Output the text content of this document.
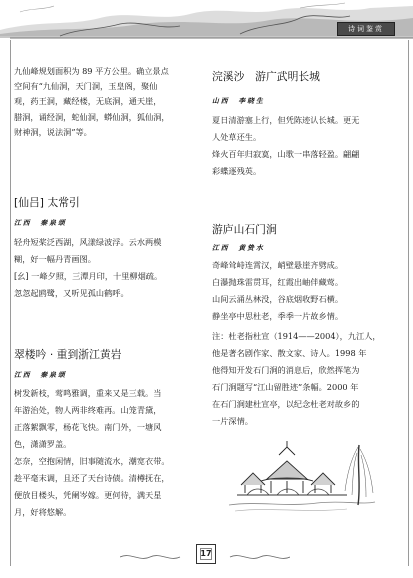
诗词鉴赏

九仙峰规划面积为 89 平方公里。确立景点

空间有“九仙洞，天门洞，玉皇阁，聚仙

观，药王洞，藏经楼，无底洞，通天崖，

腊洞，诵经洞，蛇仙洞，蟒仙洞，狐仙洞，

财神洞，说法洞”等。

[仙吕] 太常引

江西　秦泉颂

轻舟短桨泛西湖，风漾绿波浮。云水两模

糊，好一幅丹青画图。

[幺] 一峰夕照，三潭月印，十里柳烟疏。

忽忽起鸥鹭，又听见孤山鹤呼。

翠楼吟 · 重到浙江黄岩

江西　秦泉颂

树发新枝，莺鸣雅调，重来又是三载。当

年游治处，物人两非终难再。山笼青黛，

正落絮飘零，杨花飞快。南门外，一塘风

色，潇潇罗盖。

怎奈，空抱闲情，旧事随流水，潮宽衣带。

趁平毫末调，且还了天台诗债。清樽抚在，

便放目楼头，凭阑岑嫁。更何待，满天星

月，好将悠解。

浣溪沙　游广武明长城

山西　李晓生

夏日清游塞上行，但凭陈迹认长城。更无

人处草还生。

烽火百年归寂寞，山歌一串落轻盈。翩翩

彩蝶逐残英。

游庐山石门涧

江西　黄贽水

奇峰耸峙连霄汉，峭壁悬崖齐劈成。

白瀑抛珠雷贯耳，红霞出岫伴藏莺。

山间云涌丛林没，谷底烟收野石横。

静坐亭中思杜老，季季一片故乡情。

注：杜老指杜宣（1914——2004），九江人，

他是著名剧作家、散文家、诗人。1998 年

他得知开发石门涧的消息后，欣然挥笔为

石门涧题写“江山留胜迹”条幅。2000 年

在石门涧建杜宣亭，以纪念杜老对故乡的

一片深情。

17
